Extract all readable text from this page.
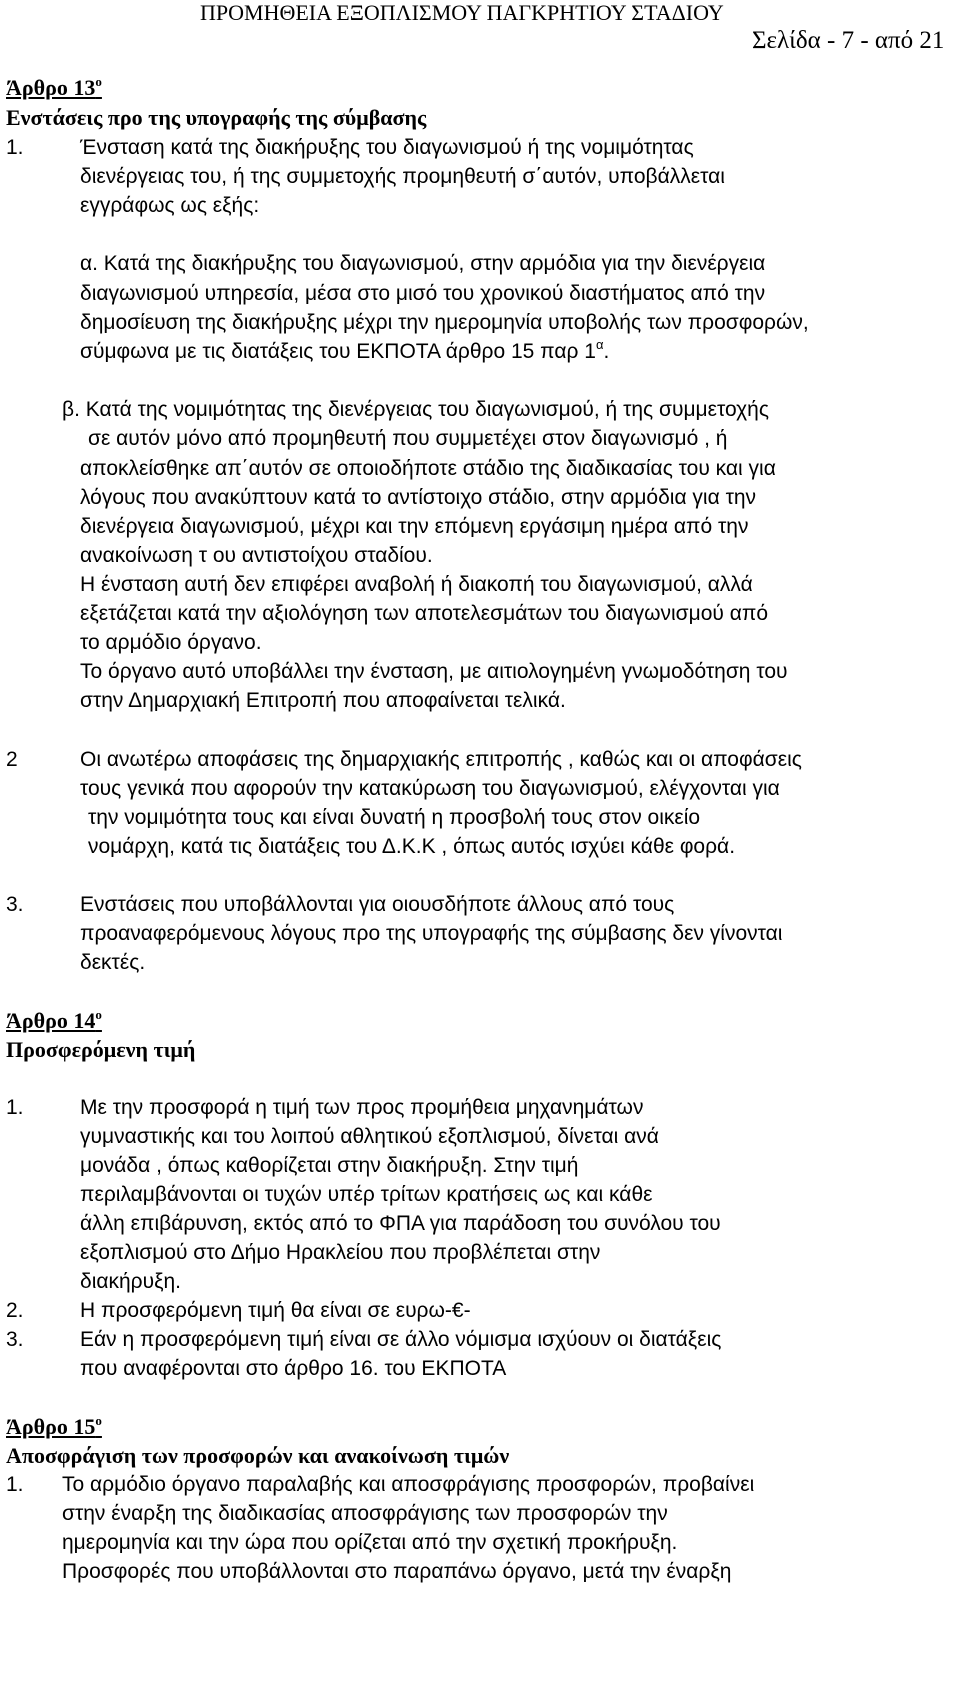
ΠΡΟΜΗΘΕΙΑ ΕΞΟΠΛΙΣΜΟΥ ΠΑΓΚΡΗΤΙΟΥ ΣΤΑΔΙΟΥ
Σελίδα - 7 - από 21
Άρθρο $13^o$
Ενστάσεις προ της υπογραφής της σύμβασης
1.	Ένσταση κατά της διακήρυξης του διαγωνισμού ή της νομιμότητας
διενέργειας του, ή της συμμετοχής προμηθευτή σ΄αυτόν, υποβάλλεται
εγγράφως ως εξής:
α. Κατά της διακήρυξης του διαγωνισμού, στην αρμόδια για την διενέργεια
διαγωνισμού υπηρεσία, μέσα στο μισό του χρονικού διαστήματος από την
δημοσίευση της διακήρυξης μέχρι την ημερομηνία υποβολής των προσφορών,
σύμφωνα με τις διατάξεις του ΕΚΠΟΤΑ άρθρο 15 παρ $1^\alpha$.
β. Κατά της νομιμότητας της διενέργειας του διαγωνισμού, ή της συμμετοχής
σε αυτόν μόνο από προμηθευτή που συμμετέχει στον διαγωνισμό , ή
αποκλείσθηκε απ΄αυτόν σε οποιοδήποτε στάδιο της διαδικασίας του και για
λόγους που ανακύπτουν κατά το αντίστοιχο στάδιο, στην αρμόδια για την
διενέργεια διαγωνισμού, μέχρι και την επόμενη εργάσιμη ημέρα από την
ανακοίνωση τ ου αντιστοίχου σταδίου.
Η ένσταση αυτή δεν επιφέρει αναβολή ή διακοπή του διαγωνισμού, αλλά
εξετάζεται κατά την αξιολόγηση των αποτελεσμάτων του διαγωνισμού από
το αρμόδιο όργανο.
Το όργανο αυτό υποβάλλει την ένσταση, με αιτιολογημένη γνωμοδότηση του
στην Δημαρχιακή Επιτροπή που αποφαίνεται τελικά.
2	Οι ανωτέρω αποφάσεις της δημαρχιακής επιτροπής , καθώς και οι αποφάσεις
τους γενικά που αφορούν την κατακύρωση του διαγωνισμού, ελέγχονται για
την νομιμότητα τους και είναι δυνατή η προσβολή τους στον οικείο
νομάρχη, κατά τις διατάξεις του Δ.Κ.Κ , όπως αυτός ισχύει κάθε φορά.
3.	Ενστάσεις που υποβάλλονται για οιουσδήποτε άλλους από τους
προαναφερόμενους λόγους προ της υπογραφής της σύμβασης δεν γίνονται
δεκτές.
Άρθρο $14^o$
Προσφερόμενη τιμή
1.	Με την προσφορά η τιμή των προς προμήθεια μηχανημάτων
γυμναστικής και του λοιπού αθλητικού εξοπλισμού, δίνεται ανά
μονάδα , όπως καθορίζεται στην διακήρυξη. Στην τιμή
περιλαμβάνονται οι τυχών υπέρ τρίτων κρατήσεις ως και κάθε
άλλη επιβάρυνση, εκτός από το ΦΠΑ για παράδοση του συνόλου του
εξοπλισμού στο Δήμο Ηρακλείου που προβλέπεται στην
διακήρυξη.
2.	Η προσφερόμενη τιμή θα είναι σε ευρω-€-
3.	Εάν η προσφερόμενη τιμή είναι σε άλλο νόμισμα ισχύουν οι διατάξεις
που αναφέρονται στο άρθρο 16. του ΕΚΠΟΤΑ
Άρθρο $15^o$
Αποσφράγιση των προσφορών και ανακοίνωση τιμών
1. Το αρμόδιο όργανο παραλαβής και αποσφράγισης προσφορών, προβαίνει
στην έναρξη της διαδικασίας αποσφράγισης των προσφορών την
ημερομηνία και την ώρα που ορίζεται από την σχετική προκήρυξη.
Προσφορές που υποβάλλονται στο παραπάνω όργανο, μετά την έναρξη
